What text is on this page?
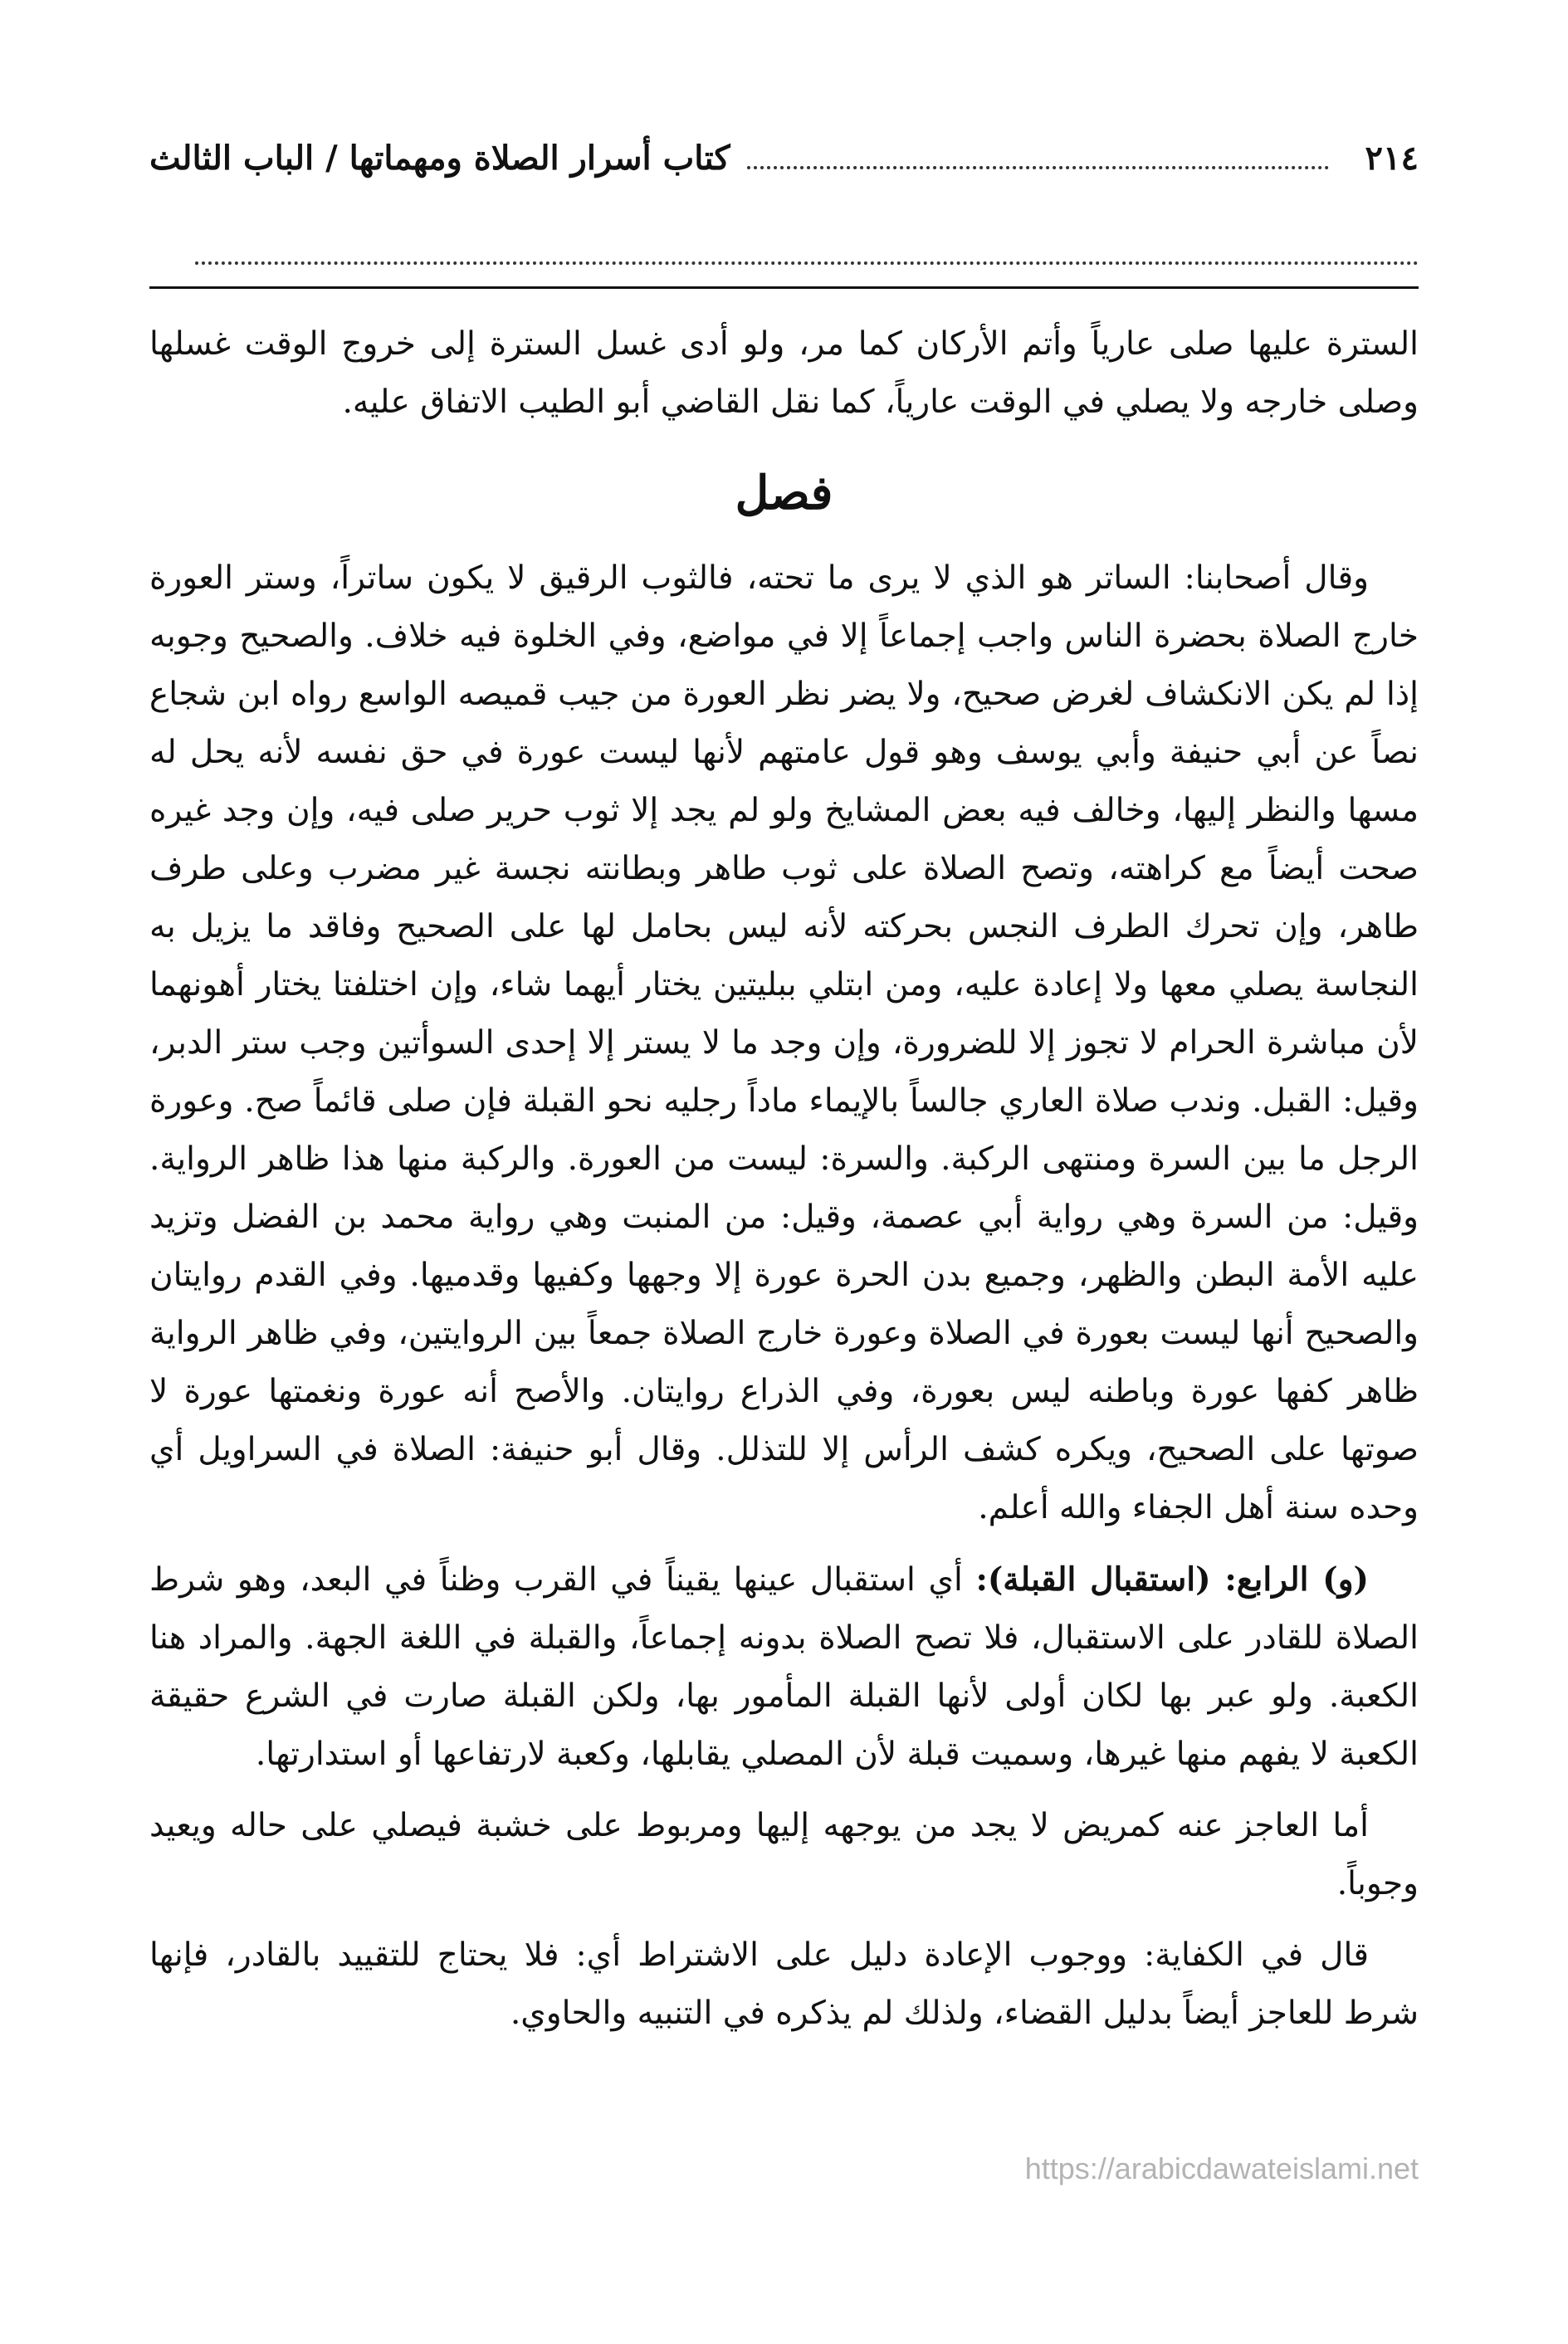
٢١٤
كتاب أسرار الصلاة ومهماتها / الباب الثالث

السترة عليها صلى عارياً وأتم الأركان كما مر، ولو أدى غسل السترة إلى خروج الوقت غسلها وصلى خارجه ولا يصلي في الوقت عارياً، كما نقل القاضي أبو الطيب الاتفاق عليه.

فصل

وقال أصحابنا: الساتر هو الذي لا يرى ما تحته، فالثوب الرقيق لا يكون ساتراً، وستر العورة خارج الصلاة بحضرة الناس واجب إجماعاً إلا في مواضع، وفي الخلوة فيه خلاف. والصحيح وجوبه إذا لم يكن الانكشاف لغرض صحيح، ولا يضر نظر العورة من جيب قميصه الواسع رواه ابن شجاع نصاً عن أبي حنيفة وأبي يوسف وهو قول عامتهم لأنها ليست عورة في حق نفسه لأنه يحل له مسها والنظر إليها، وخالف فيه بعض المشايخ ولو لم يجد إلا ثوب حرير صلى فيه، وإن وجد غيره صحت أيضاً مع كراهته، وتصح الصلاة على ثوب طاهر وبطانته نجسة غير مضرب وعلى طرف طاهر، وإن تحرك الطرف النجس بحركته لأنه ليس بحامل لها على الصحيح وفاقد ما يزيل به النجاسة يصلي معها ولا إعادة عليه، ومن ابتلي ببليتين يختار أيهما شاء، وإن اختلفتا يختار أهونهما لأن مباشرة الحرام لا تجوز إلا للضرورة، وإن وجد ما لا يستر إلا إحدى السوأتين وجب ستر الدبر، وقيل: القبل. وندب صلاة العاري جالساً بالإيماء ماداً رجليه نحو القبلة فإن صلى قائماً صح. وعورة الرجل ما بين السرة ومنتهى الركبة. والسرة: ليست من العورة. والركبة منها هذا ظاهر الرواية. وقيل: من السرة وهي رواية أبي عصمة، وقيل: من المنبت وهي رواية محمد بن الفضل وتزيد عليه الأمة البطن والظهر، وجميع بدن الحرة عورة إلا وجهها وكفيها وقدميها. وفي القدم روايتان والصحيح أنها ليست بعورة في الصلاة وعورة خارج الصلاة جمعاً بين الروايتين، وفي ظاهر الرواية ظاهر كفها عورة وباطنه ليس بعورة، وفي الذراع روايتان. والأصح أنه عورة ونغمتها عورة لا صوتها على الصحيح، ويكره كشف الرأس إلا للتذلل. وقال أبو حنيفة: الصلاة في السراويل أي وحده سنة أهل الجفاء والله أعلم.

(و) الرابع: (استقبال القبلة): أي استقبال عينها يقيناً في القرب وظناً في البعد، وهو شرط الصلاة للقادر على الاستقبال، فلا تصح الصلاة بدونه إجماعاً، والقبلة في اللغة الجهة. والمراد هنا الكعبة. ولو عبر بها لكان أولى لأنها القبلة المأمور بها، ولكن القبلة صارت في الشرع حقيقة الكعبة لا يفهم منها غيرها، وسميت قبلة لأن المصلي يقابلها، وكعبة لارتفاعها أو استدارتها.

أما العاجز عنه كمريض لا يجد من يوجهه إليها ومربوط على خشبة فيصلي على حاله ويعيد وجوباً.

قال في الكفاية: ووجوب الإعادة دليل على الاشتراط أي: فلا يحتاج للتقييد بالقادر، فإنها شرط للعاجز أيضاً بدليل القضاء، ولذلك لم يذكره في التنبيه والحاوي.

https://arabicdawateislami.net
